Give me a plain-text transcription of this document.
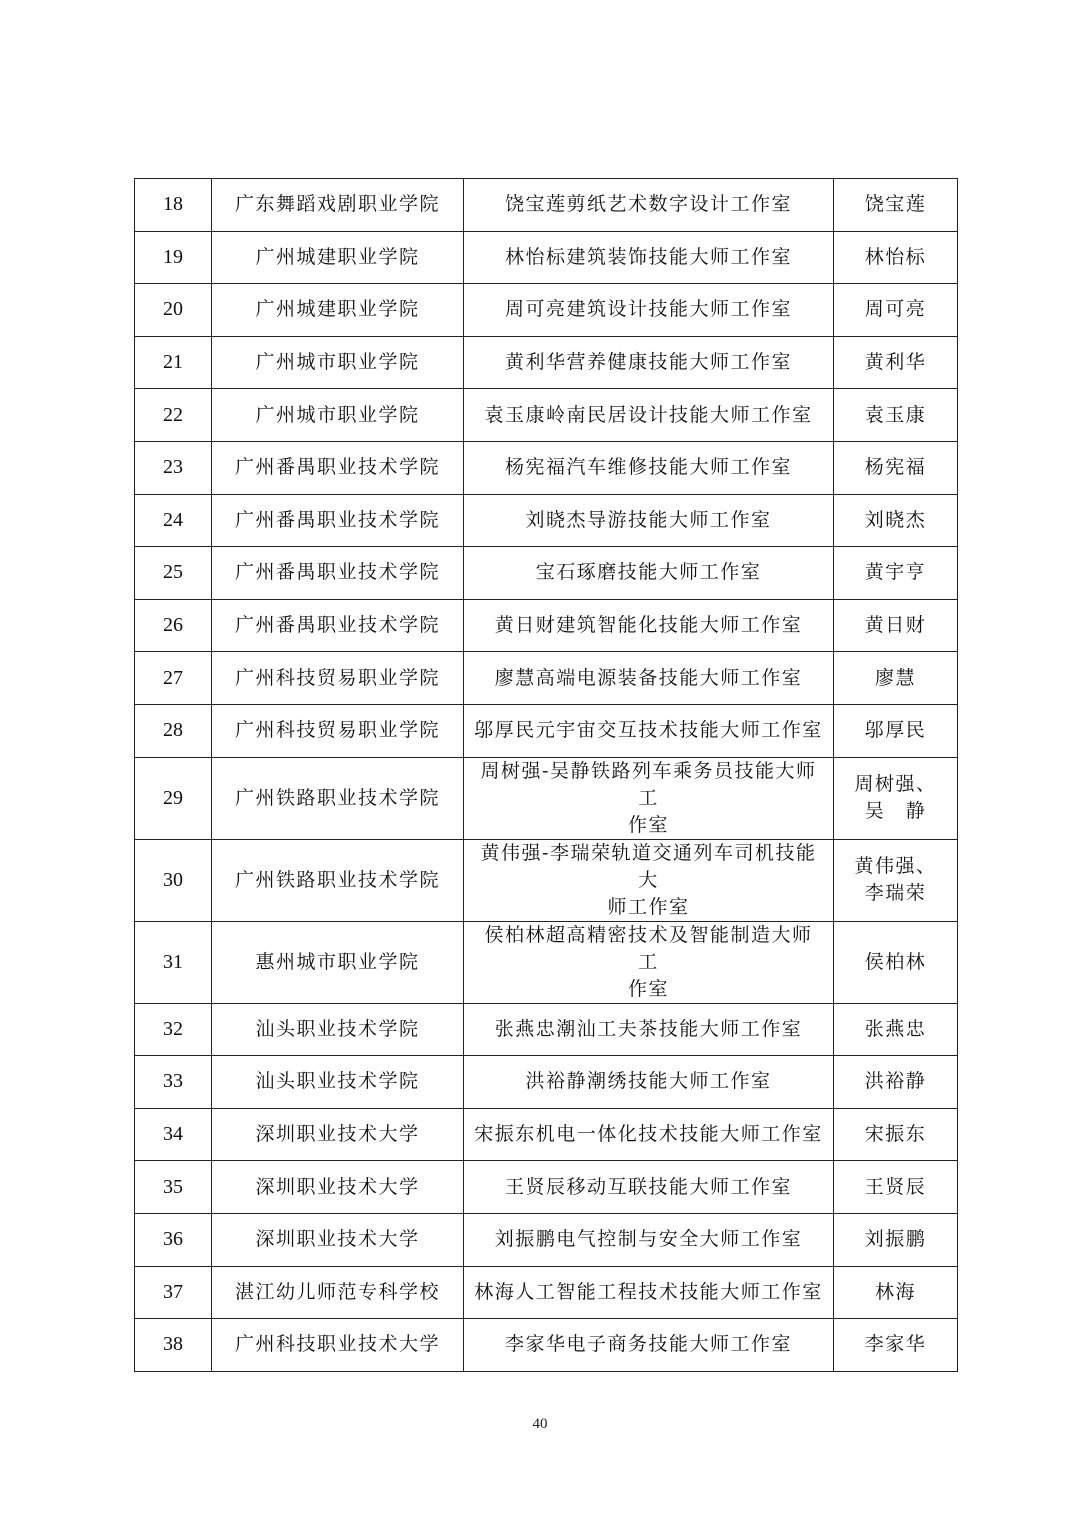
18	广东舞蹈戏剧职业学院	饶宝莲剪纸艺术数字设计工作室	饶宝莲

19	广州城建职业学院	林怡标建筑装饰技能大师工作室	林怡标

20	广州城建职业学院	周可亮建筑设计技能大师工作室	周可亮

21	广州城市职业学院	黄利华营养健康技能大师工作室	黄利华

22	广州城市职业学院	袁玉康岭南民居设计技能大师工作室	袁玉康

23	广州番禺职业技术学院	杨宪福汽车维修技能大师工作室	杨宪福

24	广州番禺职业技术学院	刘晓杰导游技能大师工作室	刘晓杰

25	广州番禺职业技术学院	宝石琢磨技能大师工作室	黄宇亨

26	广州番禺职业技术学院	黄日财建筑智能化技能大师工作室	黄日财

27	广州科技贸易职业学院	廖慧高端电源装备技能大师工作室	廖慧

28	广州科技贸易职业学院	邬厚民元宇宙交互技术技能大师工作室	邬厚民

29	广州铁路职业技术学院	周树强-吴静铁路列车乘务员技能大师工
作室	周树强、
吴　静

30	广州铁路职业技术学院	黄伟强-李瑞荣轨道交通列车司机技能大
师工作室	黄伟强、
李瑞荣

31	惠州城市职业学院	侯柏林超高精密技术及智能制造大师工
作室	侯柏林

32	汕头职业技术学院	张燕忠潮汕工夫茶技能大师工作室	张燕忠

33	汕头职业技术学院	洪裕静潮绣技能大师工作室	洪裕静

34	深圳职业技术大学	宋振东机电一体化技术技能大师工作室	宋振东

35	深圳职业技术大学	王贤辰移动互联技能大师工作室	王贤辰

36	深圳职业技术大学	刘振鹏电气控制与安全大师工作室	刘振鹏

37	湛江幼儿师范专科学校	林海人工智能工程技术技能大师工作室	林海

38	广州科技职业技术大学	李家华电子商务技能大师工作室	李家华
40
